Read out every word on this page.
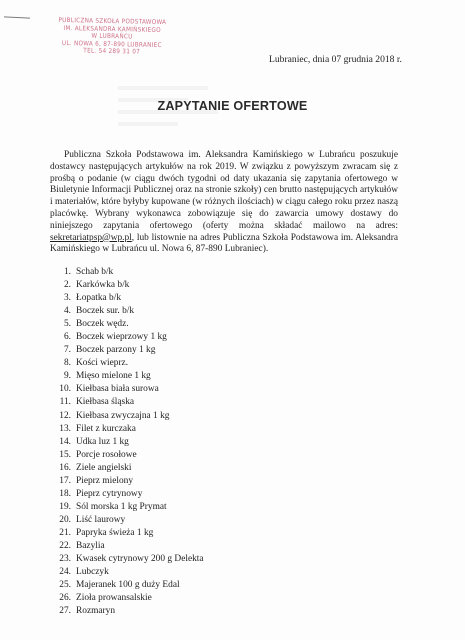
PUBLICZNA SZKOŁA PODSTAWOWA
IM. ALEKSANDRA KAMIŃSKIEGO
W LUBRAŃCU
UL. NOWA 6, 87-890 LUBRANIEC
TEL. 54 289 31 07
Lubraniec, dnia 07 grudnia 2018 r.
ZAPYTANIE OFERTOWE
Publiczna Szkoła Podstawowa im. Aleksandra Kamińskiego w Lubrańcu poszukuje dostawcy następujących artykułów na rok 2019. W związku z powyższym zwracam się z prośbą o podanie (w ciągu dwóch tygodni od daty ukazania się zapytania ofertowego w Biuletynie Informacji Publicznej oraz na stronie szkoły) cen brutto następujących artykułów i materiałów, które byłyby kupowane (w różnych ilościach) w ciągu całego roku przez naszą placówkę. Wybrany wykonawca zobowiązuje się do zawarcia umowy dostawy do niniejszego zapytania ofertowego (oferty można składać mailowo na adres: sekretariatpsp@wp.pl, lub listownie na adres Publiczna Szkoła Podstawowa im. Aleksandra Kamińskiego w Lubrańcu ul. Nowa 6, 87-890 Lubraniec).
1. Schab b/k
2. Karkówka b/k
3. Łopatka b/k
4. Boczek sur. b/k
5. Boczek wędz.
6. Boczek wieprzowy 1 kg
7. Boczek parzony 1 kg
8. Kości wieprz.
9. Mięso mielone 1 kg
10. Kiełbasa biała surowa
11. Kiełbasa śląska
12. Kiełbasa zwyczajna 1 kg
13. Filet z kurczaka
14. Udka luz 1 kg
15. Porcje rosołowe
16. Ziele angielski
17. Pieprz mielony
18. Pieprz cytrynowy
19. Sól morska 1 kg Prymat
20. Liść laurowy
21. Papryka świeża 1 kg
22. Bazylia
23. Kwasek cytrynowy 200 g Delekta
24. Lubczyk
25. Majeranek 100 g duży Edal
26. Zioła prowansalskie
27. Rozmaryn
